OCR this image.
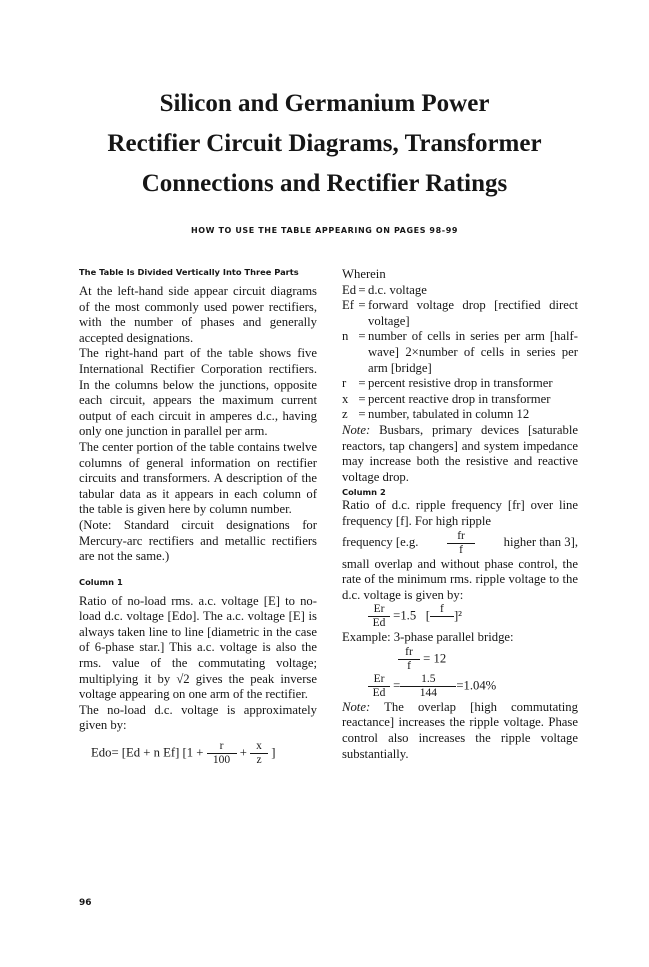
Silicon and Germanium Power
Rectifier Circuit Diagrams, Transformer
Connections and Rectifier Ratings

HOW TO USE THE TABLE APPEARING ON PAGES 98-99

The Table Is Divided Vertically Into Three Parts

At the left-hand side appear circuit diagrams of the most commonly used power rectifiers, with the number of phases and generally accepted designations.

The right-hand part of the table shows five International Rectifier Corporation rectifiers. In the columns below the junctions, opposite each circuit, appears the maximum current output of each circuit in amperes d.c., having only one junction in parallel per arm.

The center portion of the table contains twelve columns of general information on rectifier circuits and transformers. A description of the tabular data as it appears in each column of the table is given here by column number.

(Note: Standard circuit designations for Mercury-arc rectifiers and metallic rectifiers are not the same.)

Column 1

Ratio of no-load rms. a.c. voltage [E] to no-load d.c. voltage [Edo]. The a.c. voltage [E] is always taken line to line [diametric in the case of 6-phase star.] This a.c. voltage is also the rms. value of the commutating voltage; multiplying it by √2 gives the peak inverse voltage appearing on one arm of the rectifier.

The no-load d.c. voltage is approximately given by:

Edo= [Ed + n Ef] [$1 + \frac{r}{100} + \frac{x}{z}$ ]

Wherein

Ed = d.c. voltage
Ef = forward voltage drop [rectified direct voltage]
n = number of cells in series per arm [half-wave] 2×number of cells in series per arm [bridge]
r = percent resistive drop in transformer
x = percent reactive drop in transformer
z = number, tabulated in column 12

Note: Busbars, primary devices [saturable reactors, tap changers] and system impedance may increase both the resistive and reactive voltage drop.

Column 2

Ratio of d.c. ripple frequency [fr] over line frequency [f]. For high ripple

frequency [e.g. $\frac{fr}{f}$ higher than 3],

small overlap and without phase control, the rate of the minimum rms. ripple voltage to the d.c. voltage is given by:

$\frac{Er}{Ed} =1.5$ [ f
]²

Example: 3-phase parallel bridge:

$\frac{fr}{f} = 12$
$\frac{Er}{Ed} = \frac{1.5}{144} =1.04\%$

Note: The overlap [high commutating reactance] increases the ripple voltage. Phase control also increases the ripple voltage substantially.

96
